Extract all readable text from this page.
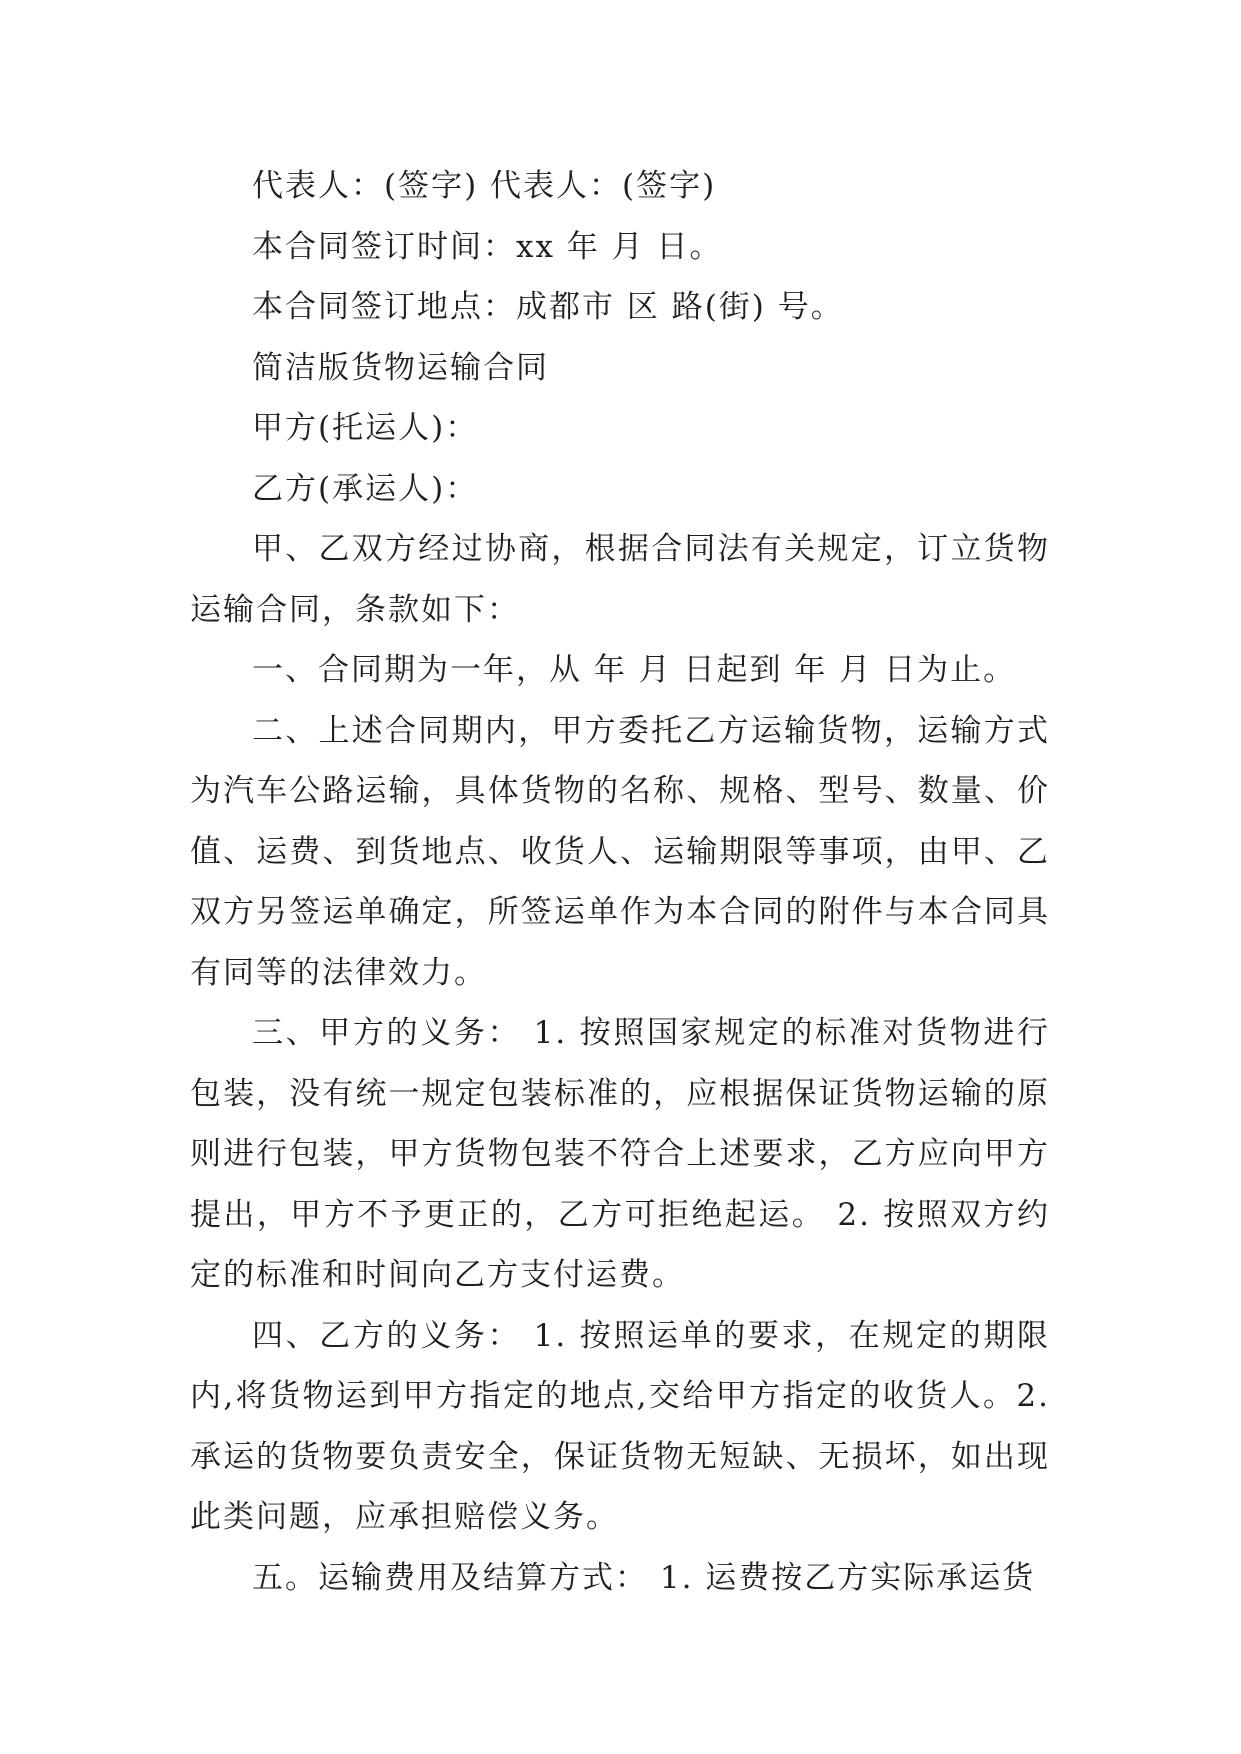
代表人：(签字) 代表人：(签字)

本合同签订时间：xx 年 月 日。

本合同签订地点：成都市 区 路(街) 号。

简洁版货物运输合同

甲方(托运人)：

乙方(承运人)：

甲、乙双方经过协商，根据合同法有关规定，订立货物运输合同，条款如下：

一、合同期为一年，从 年 月 日起到 年 月 日为止。

二、上述合同期内，甲方委托乙方运输货物，运输方式为汽车公路运输，具体货物的名称、规格、型号、数量、价值、运费、到货地点、收货人、运输期限等事项，由甲、乙双方另签运单确定，所签运单作为本合同的附件与本合同具有同等的法律效力。

三、甲方的义务： 1. 按照国家规定的标准对货物进行包装，没有统一规定包装标准的，应根据保证货物运输的原则进行包装，甲方货物包装不符合上述要求，乙方应向甲方提出，甲方不予更正的，乙方可拒绝起运。 2. 按照双方约定的标准和时间向乙方支付运费。

四、乙方的义务： 1. 按照运单的要求，在规定的期限内,将货物运到甲方指定的地点,交给甲方指定的收货人。2. 承运的货物要负责安全，保证货物无短缺、无损坏，如出现此类问题，应承担赔偿义务。

五。运输费用及结算方式： 1. 运费按乙方实际承运货
